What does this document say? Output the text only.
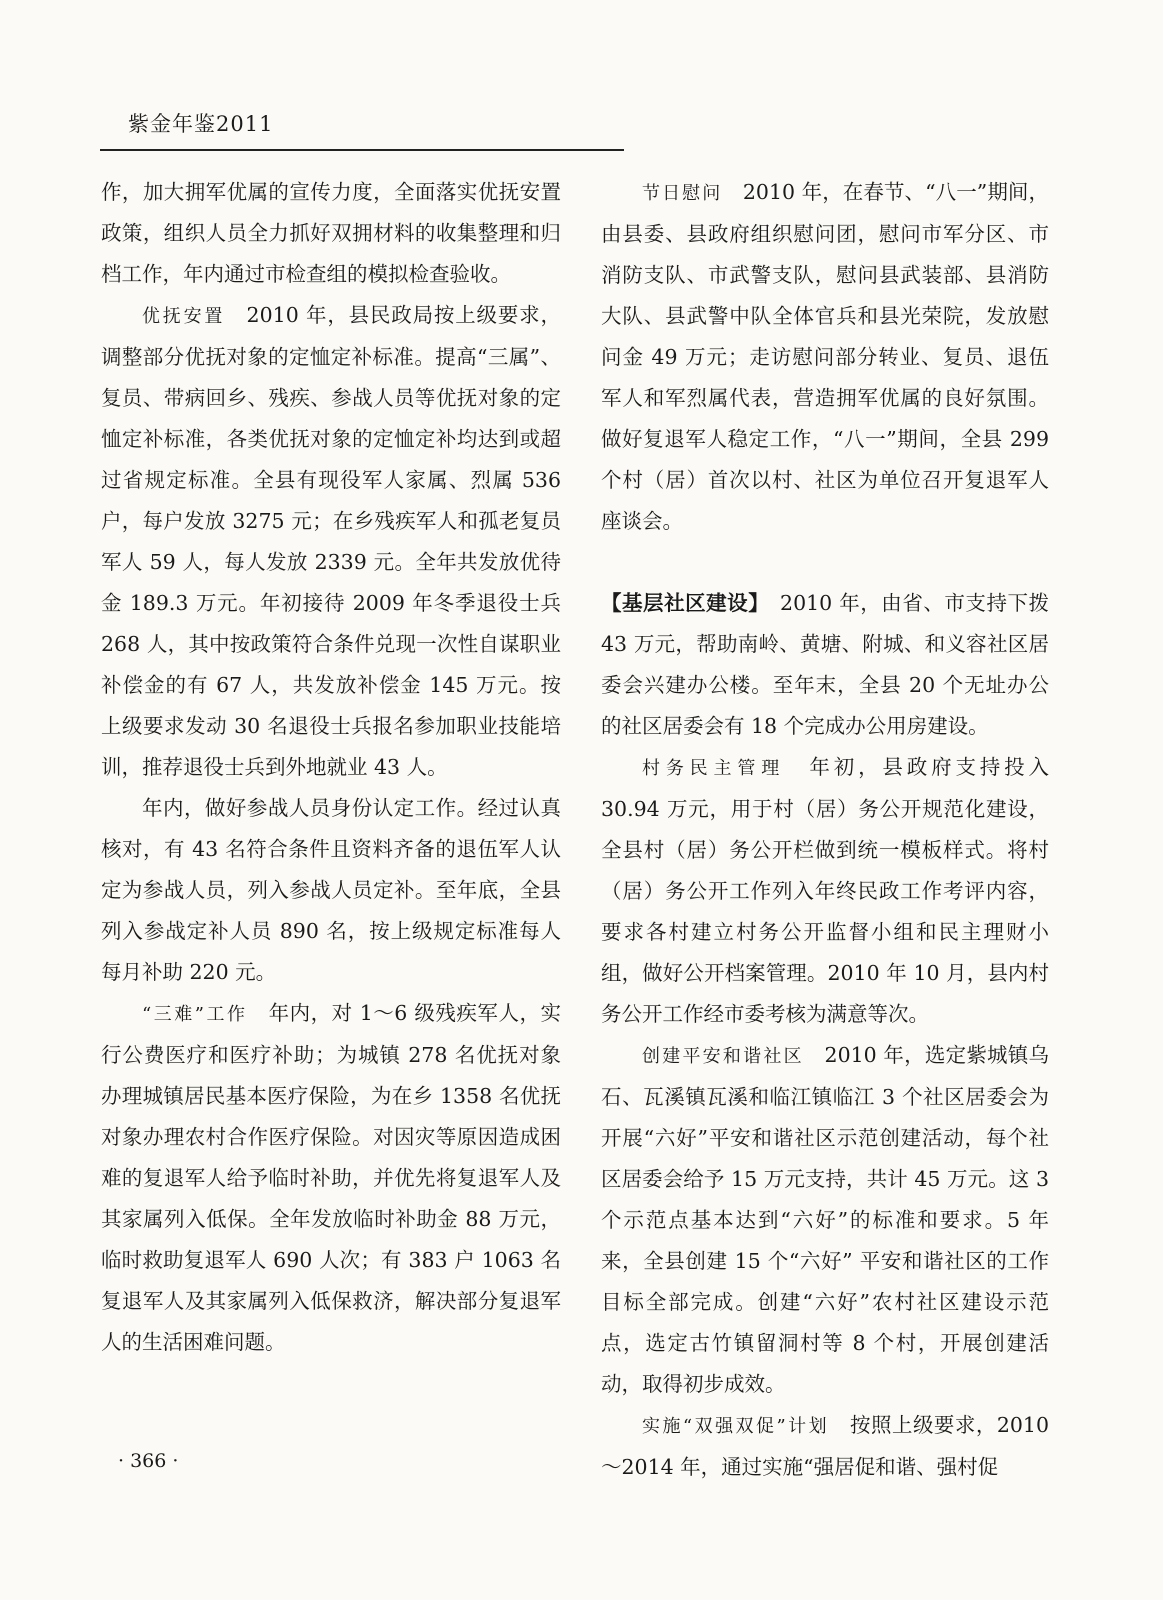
紫金年鉴2011

作，加大拥军优属的宣传力度，全面落实优抚安置政策，组织人员全力抓好双拥材料的收集整理和归档工作，年内通过市检查组的模拟检查验收。

优抚安置　2010 年，县民政局按上级要求，调整部分优抚对象的定恤定补标准。提高“三属”、复员、带病回乡、残疾、参战人员等优抚对象的定恤定补标准，各类优抚对象的定恤定补均达到或超过省规定标准。全县有现役军人家属、烈属 536 户，每户发放 3275 元；在乡残疾军人和孤老复员军人 59 人，每人发放 2339 元。全年共发放优待金 189.3 万元。年初接待 2009 年冬季退役士兵 268 人，其中按政策符合条件兑现一次性自谋职业补偿金的有 67 人，共发放补偿金 145 万元。按上级要求发动 30 名退役士兵报名参加职业技能培训，推荐退役士兵到外地就业 43 人。

年内，做好参战人员身份认定工作。经过认真核对，有 43 名符合条件且资料齐备的退伍军人认定为参战人员，列入参战人员定补。至年底，全县列入参战定补人员 890 名，按上级规定标准每人每月补助 220 元。

“三难”工作　年内，对 1～6 级残疾军人，实行公费医疗和医疗补助；为城镇 278 名优抚对象办理城镇居民基本医疗保险，为在乡 1358 名优抚对象办理农村合作医疗保险。对因灾等原因造成困难的复退军人给予临时补助，并优先将复退军人及其家属列入低保。全年发放临时补助金 88 万元，临时救助复退军人 690 人次；有 383 户 1063 名复退军人及其家属列入低保救济，解决部分复退军人的生活困难问题。

节日慰问　2010 年，在春节、“八一”期间，由县委、县政府组织慰问团，慰问市军分区、市消防支队、市武警支队，慰问县武装部、县消防大队、县武警中队全体官兵和县光荣院，发放慰问金 49 万元；走访慰问部分转业、复员、退伍军人和军烈属代表，营造拥军优属的良好氛围。做好复退军人稳定工作，“八一”期间，全县 299 个村（居）首次以村、社区为单位召开复退军人座谈会。

【基层社区建设】　2010 年，由省、市支持下拨 43 万元，帮助南岭、黄塘、附城、和义容社区居委会兴建办公楼。至年末，全县 20 个无址办公的社区居委会有 18 个完成办公用房建设。

村务民主管理　年初，县政府支持投入 30.94 万元，用于村（居）务公开规范化建设，全县村（居）务公开栏做到统一模板样式。将村（居）务公开工作列入年终民政工作考评内容，要求各村建立村务公开监督小组和民主理财小组，做好公开档案管理。2010 年 10 月，县内村务公开工作经市委考核为满意等次。

创建平安和谐社区　2010 年，选定紫城镇乌石、瓦溪镇瓦溪和临江镇临江 3 个社区居委会为开展“六好”平安和谐社区示范创建活动，每个社区居委会给予 15 万元支持，共计 45 万元。这 3 个示范点基本达到“六好”的标准和要求。5 年来，全县创建 15 个“六好” 平安和谐社区的工作目标全部完成。创建“六好”农村社区建设示范点，选定古竹镇留洞村等 8 个村，开展创建活动，取得初步成效。

实施“双强双促”计划　按照上级要求，2010～2014 年，通过实施“强居促和谐、强村促

· 366 ·
